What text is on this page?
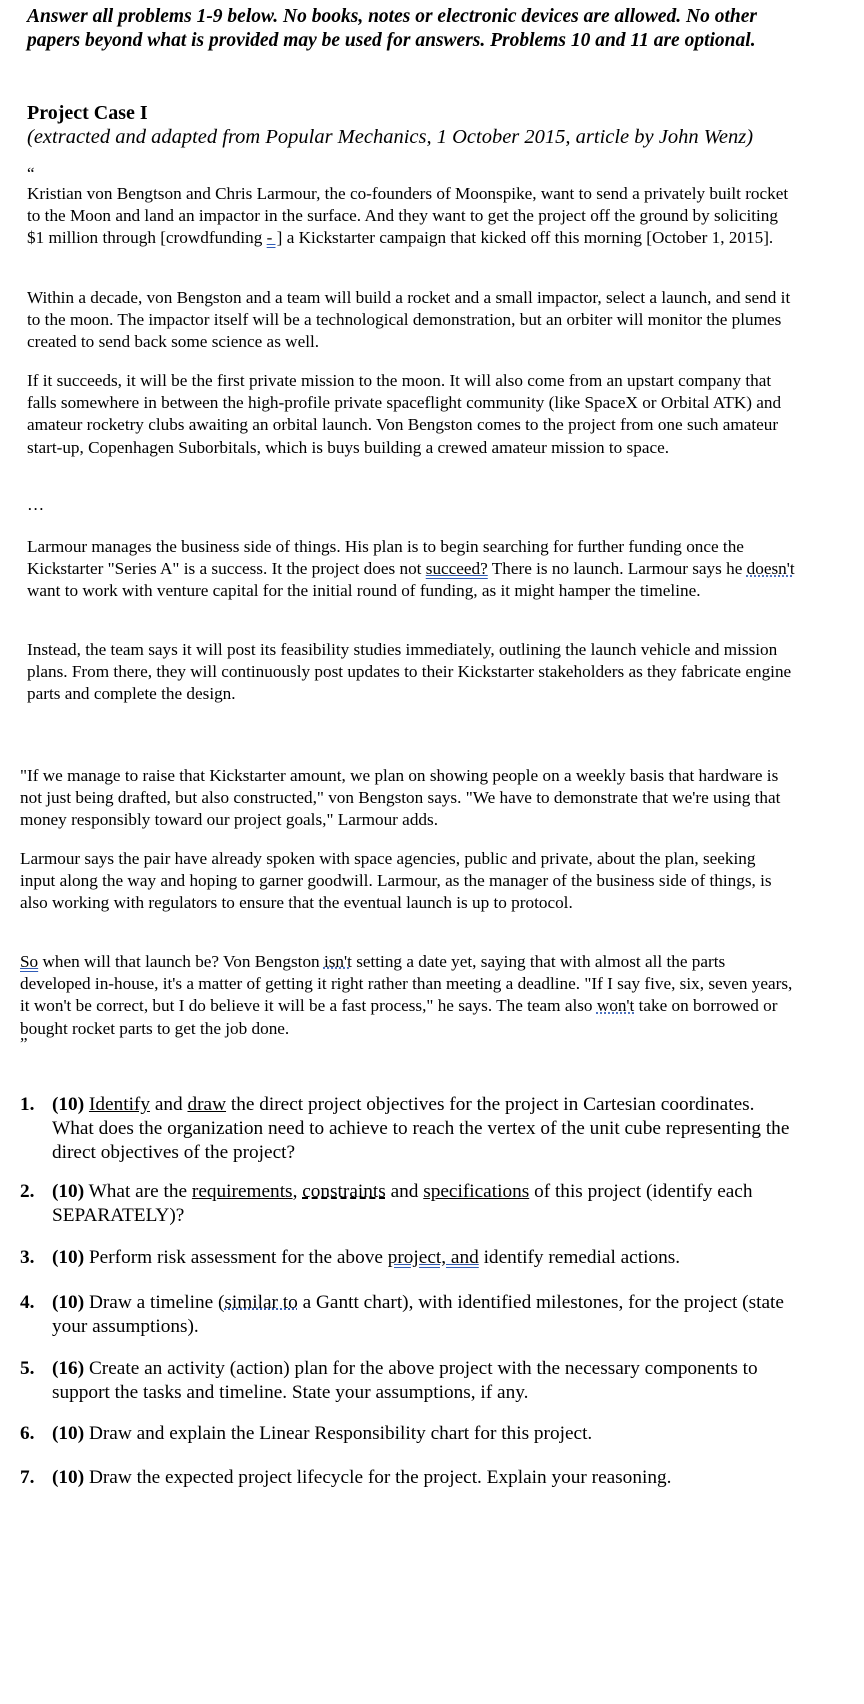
Answer all problems 1-9 below. No books, notes or electronic devices are allowed. No other papers beyond what is provided may be used for answers. Problems 10 and 11 are optional.

Project Case I

(extracted and adapted from Popular Mechanics, 1 October 2015, article by John Wenz)

“

Kristian von Bengtson and Chris Larmour, the co-founders of Moonspike, want to send a privately built rocket to the Moon and land an impactor in the surface. And they want to get the project off the ground by soliciting $1 million through [crowdfunding - ] a Kickstarter campaign that kicked off this morning [October 1, 2015].

Within a decade, von Bengston and a team will build a rocket and a small impactor, select a launch, and send it to the moon. The impactor itself will be a technological demonstration, but an orbiter will monitor the plumes created to send back some science as well.

If it succeeds, it will be the first private mission to the moon. It will also come from an upstart company that falls somewhere in between the high-profile private spaceflight community (like SpaceX or Orbital ATK) and amateur rocketry clubs awaiting an orbital launch. Von Bengston comes to the project from one such amateur start-up, Copenhagen Suborbitals, which is buys building a crewed amateur mission to space.

…

Larmour manages the business side of things. His plan is to begin searching for further funding once the Kickstarter "Series A" is a success. It the project does not succeed? There is no launch. Larmour says he doesn't want to work with venture capital for the initial round of funding, as it might hamper the timeline.

Instead, the team says it will post its feasibility studies immediately, outlining the launch vehicle and mission plans. From there, they will continuously post updates to their Kickstarter stakeholders as they fabricate engine parts and complete the design.

"If we manage to raise that Kickstarter amount, we plan on showing people on a weekly basis that hardware is not just being drafted, but also constructed," von Bengston says. "We have to demonstrate that we're using that money responsibly toward our project goals," Larmour adds.

Larmour says the pair have already spoken with space agencies, public and private, about the plan, seeking input along the way and hoping to garner goodwill. Larmour, as the manager of the business side of things, is also working with regulators to ensure that the eventual launch is up to protocol.

So when will that launch be? Von Bengston isn't setting a date yet, saying that with almost all the parts developed in-house, it's a matter of getting it right rather than meeting a deadline. "If I say five, six, seven years, it won't be correct, but I do believe it will be a fast process," he says. The team also won't take on borrowed or bought rocket parts to get the job done.

”

1. (10) Identify and draw the direct project objectives for the project in Cartesian coordinates. What does the organization need to achieve to reach the vertex of the unit cube representing the direct objectives of the project?
2. (10) What are the requirements, constraints and specifications of this project (identify each SEPARATELY)?
3. (10) Perform risk assessment for the above project, and identify remedial actions.
4. (10) Draw a timeline (similar to a Gantt chart), with identified milestones, for the project (state your assumptions).
5. (16) Create an activity (action) plan for the above project with the necessary components to support the tasks and timeline. State your assumptions, if any.
6. (10) Draw and explain the Linear Responsibility chart for this project.
7. (10) Draw the expected project lifecycle for the project. Explain your reasoning.
